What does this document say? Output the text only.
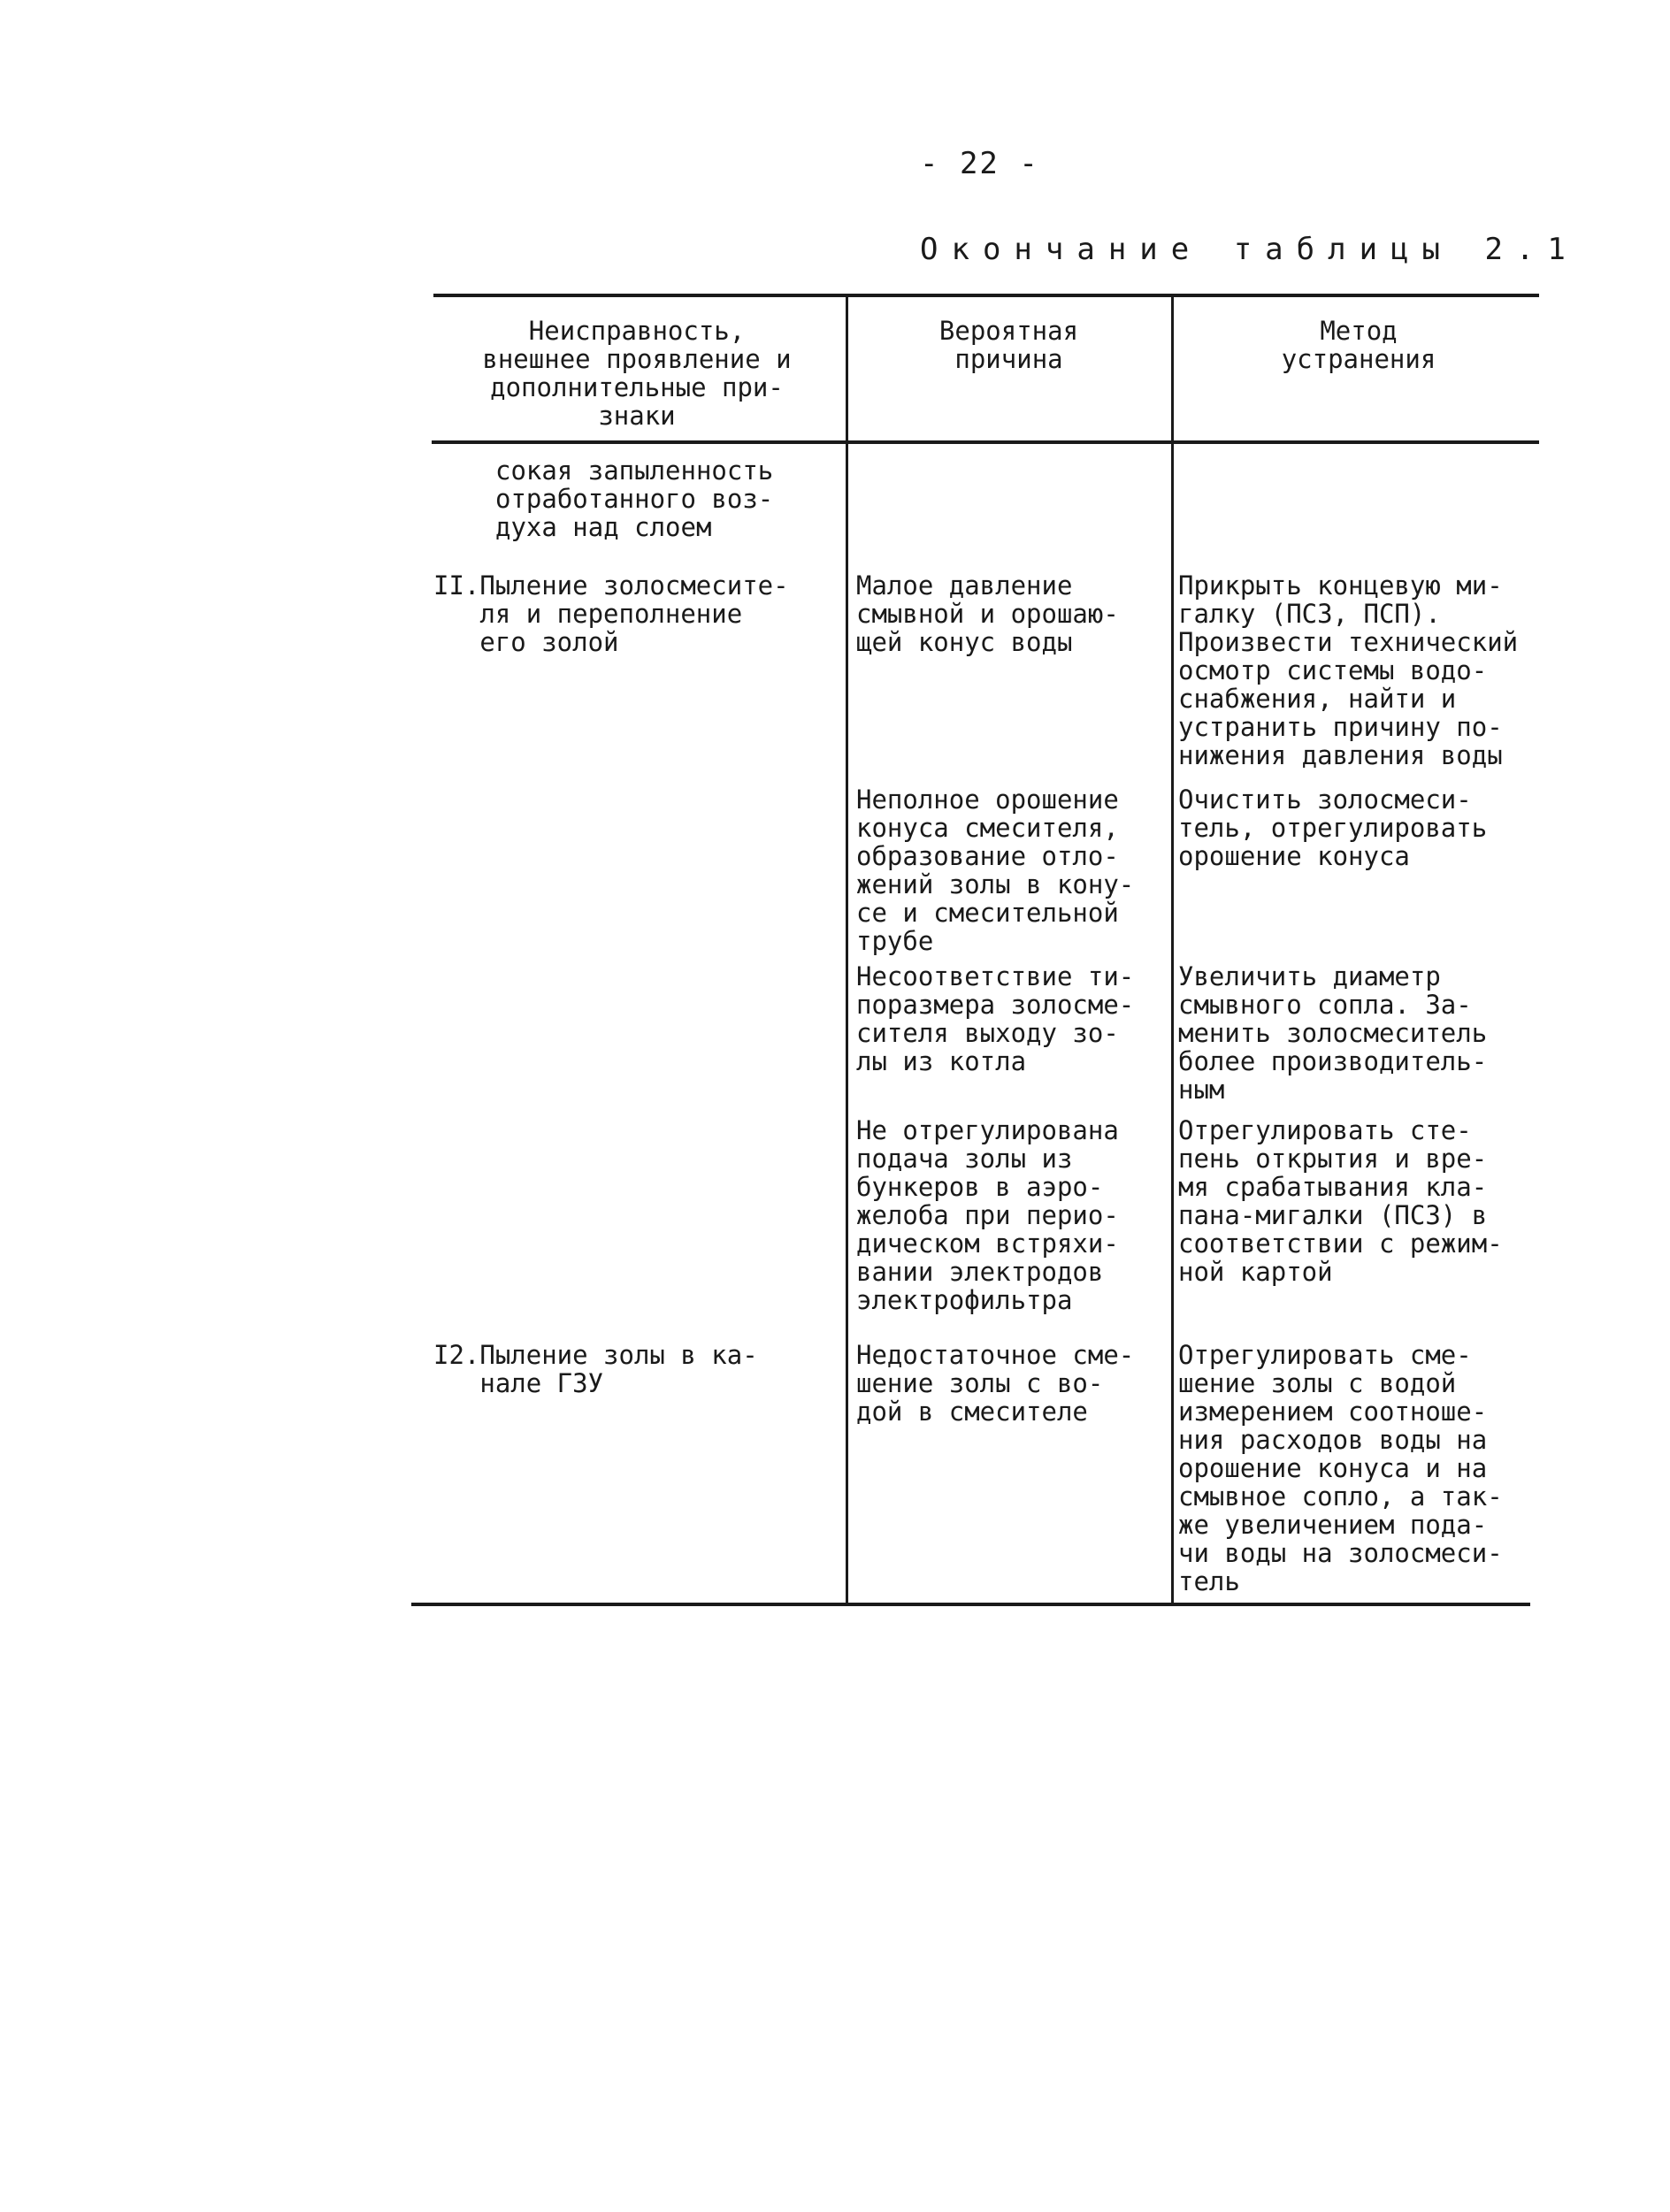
- 22 -
Окончание таблицы 2.1
Неисправность,
внешнее проявление и
дополнительные при-
знаки
Вероятная
причина
Метод
устранения
сокая запыленность
отработанного воз-
духа над слоем
II.Пыление золосмесите-
ля и переполнение
его золой
Малое давление
смывной и орошаю-
щей конус воды
Прикрыть концевую ми-
галку (ПСЗ, ПСП).
Произвести технический
осмотр системы водо-
снабжения, найти и
устранить причину по-
нижения давления воды
Неполное орошение
конуса смесителя,
образование отло-
жений золы в кону-
се и смесительной
трубе
Очистить золосмеси-
тель, отрегулировать
орошение конуса
Несоответствие ти-
поразмера золосме-
сителя выходу зо-
лы из котла
Увеличить диаметр
смывного сопла. За-
менить золосмеситель
более производитель-
ным
Не отрегулирована
подача золы из
бункеров в аэро-
желоба при перио-
дическом встряхи-
вании электродов
электрофильтра
Отрегулировать сте-
пень открытия и вре-
мя срабатывания кла-
пана-мигалки (ПСЗ) в
соответствии с режим-
ной картой
I2.Пыление золы в ка-
нале ГЗУ
Недостаточное сме-
шение золы с во-
дой в смесителе
Отрегулировать сме-
шение золы с водой
измерением соотноше-
ния расходов воды на
орошение конуса и на
смывное сопло, а так-
же увеличением пода-
чи воды на золосмеси-
тель
